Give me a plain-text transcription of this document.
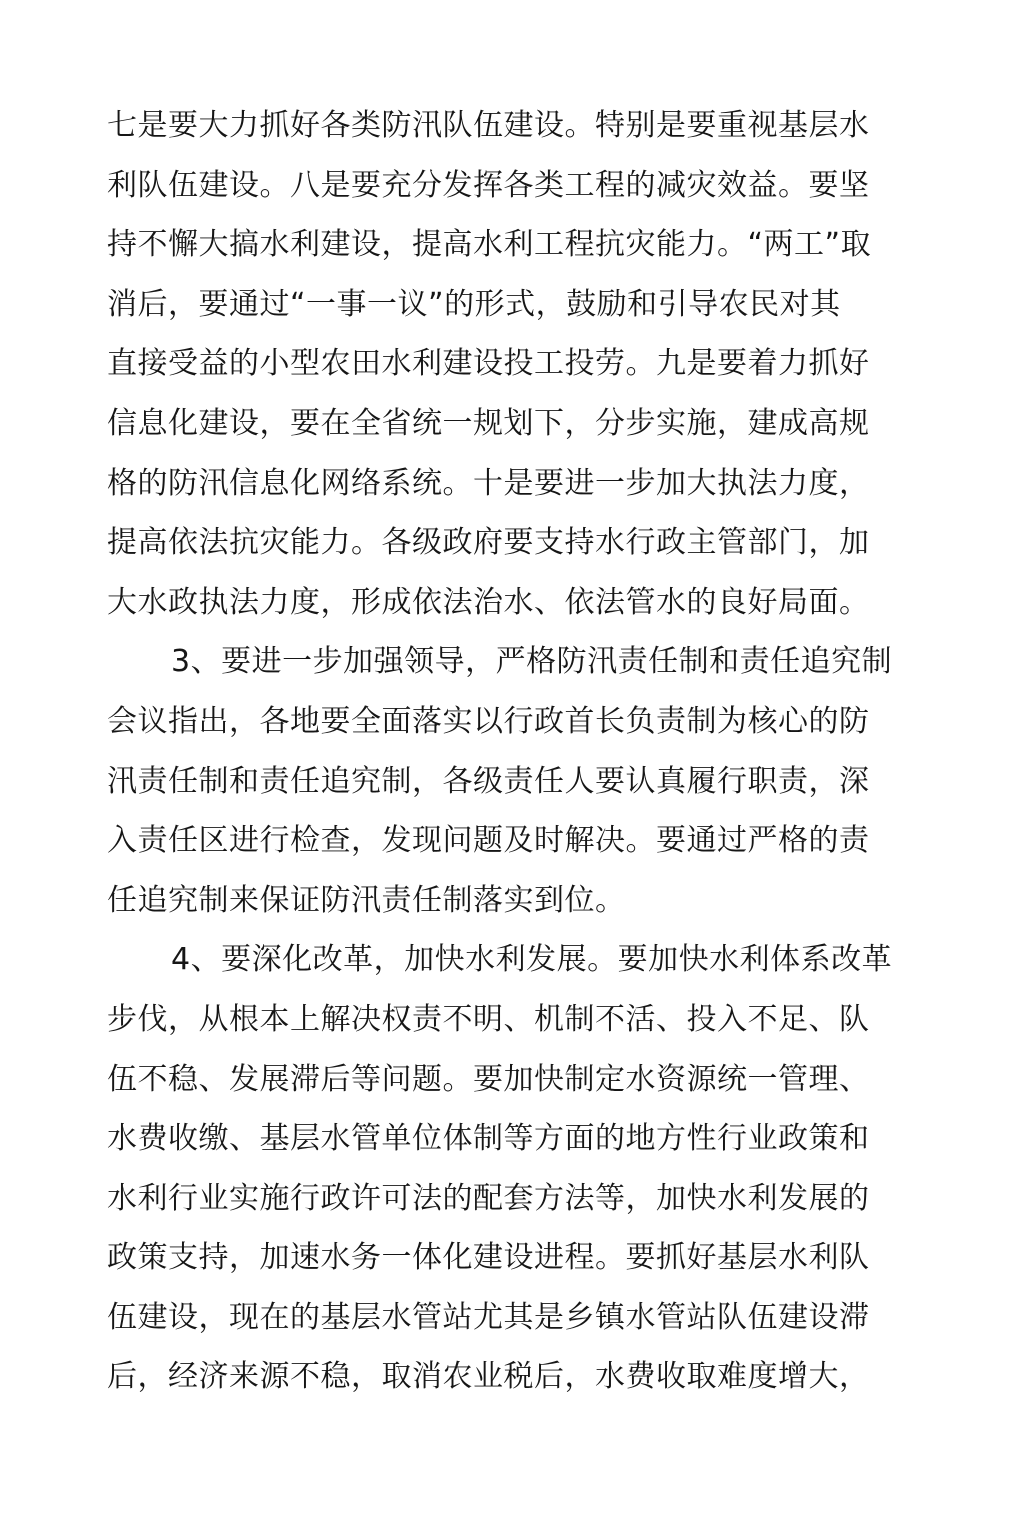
七是要大力抓好各类防汛队伍建设。特别是要重视基层水
利队伍建设。八是要充分发挥各类工程的减灾效益。要坚
持不懈大搞水利建设，提高水利工程抗灾能力。“两工”取
消后，要通过“一事一议”的形式，鼓励和引导农民对其
直接受益的小型农田水利建设投工投劳。九是要着力抓好
信息化建设，要在全省统一规划下，分步实施，建成高规
格的防汛信息化网络系统。十是要进一步加大执法力度，
提高依法抗灾能力。各级政府要支持水行政主管部门，加
大水政执法力度，形成依法治水、依法管水的良好局面。
3、要进一步加强领导，严格防汛责任制和责任追究制
会议指出，各地要全面落实以行政首长负责制为核心的防
汛责任制和责任追究制，各级责任人要认真履行职责，深
入责任区进行检查，发现问题及时解决。要通过严格的责
任追究制来保证防汛责任制落实到位。
4、要深化改革，加快水利发展。要加快水利体系改革
步伐，从根本上解决权责不明、机制不活、投入不足、队
伍不稳、发展滞后等问题。要加快制定水资源统一管理、
水费收缴、基层水管单位体制等方面的地方性行业政策和
水利行业实施行政许可法的配套方法等，加快水利发展的
政策支持，加速水务一体化建设进程。要抓好基层水利队
伍建设，现在的基层水管站尤其是乡镇水管站队伍建设滞
后，经济来源不稳，取消农业税后，水费收取难度增大，
